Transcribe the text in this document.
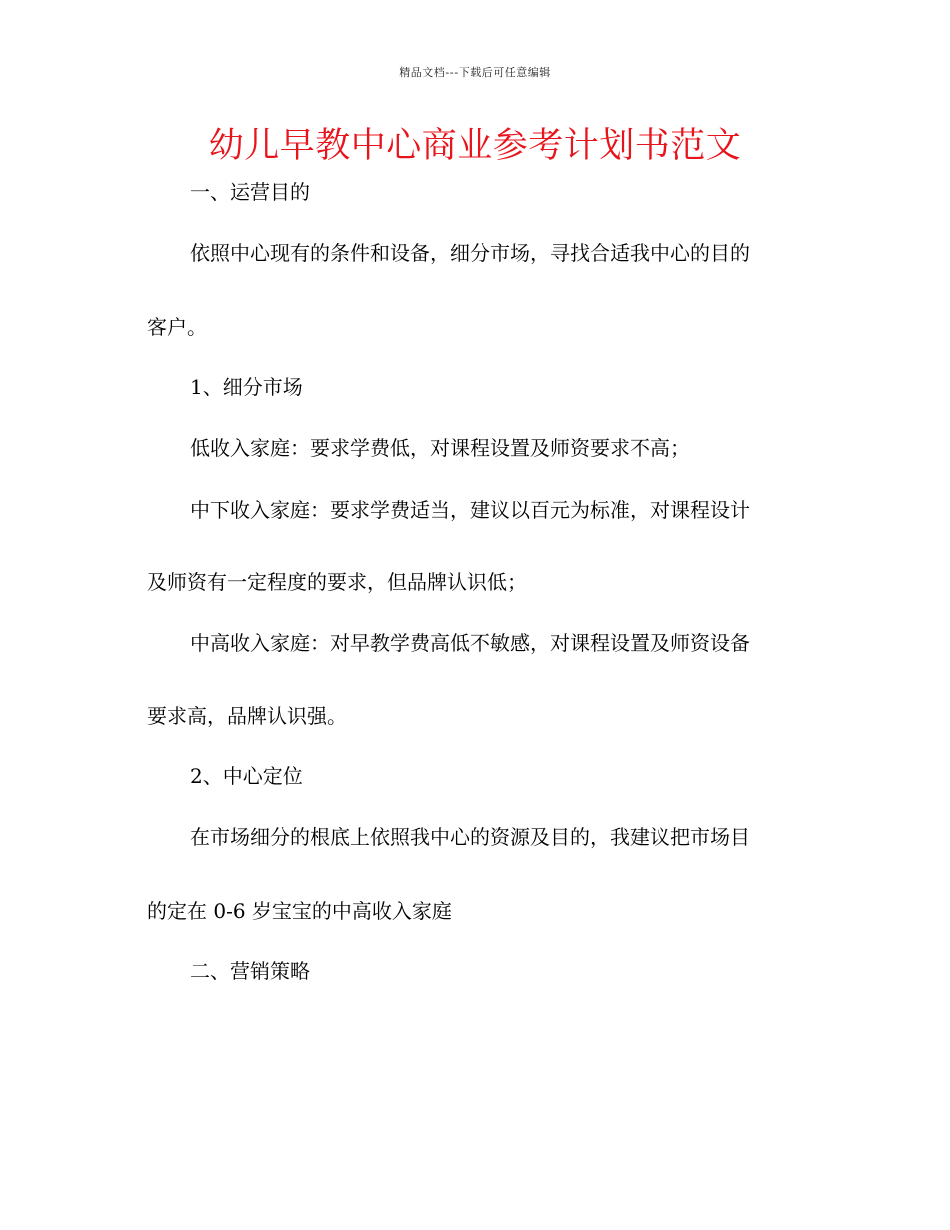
精品文档---下载后可任意编辑
幼儿早教中心商业参考计划书范文

一、运营目的

依照中心现有的条件和设备，细分市场，寻找合适我中心的目的

客户。

1、细分市场

低收入家庭：要求学费低，对课程设置及师资要求不高；

中下收入家庭：要求学费适当，建议以百元为标准，对课程设计

及师资有一定程度的要求，但品牌认识低；

中高收入家庭：对早教学费高低不敏感，对课程设置及师资设备

要求高，品牌认识强。

2、中心定位

在市场细分的根底上依照我中心的资源及目的，我建议把市场目

的定在 0-6 岁宝宝的中高收入家庭

二、营销策略
